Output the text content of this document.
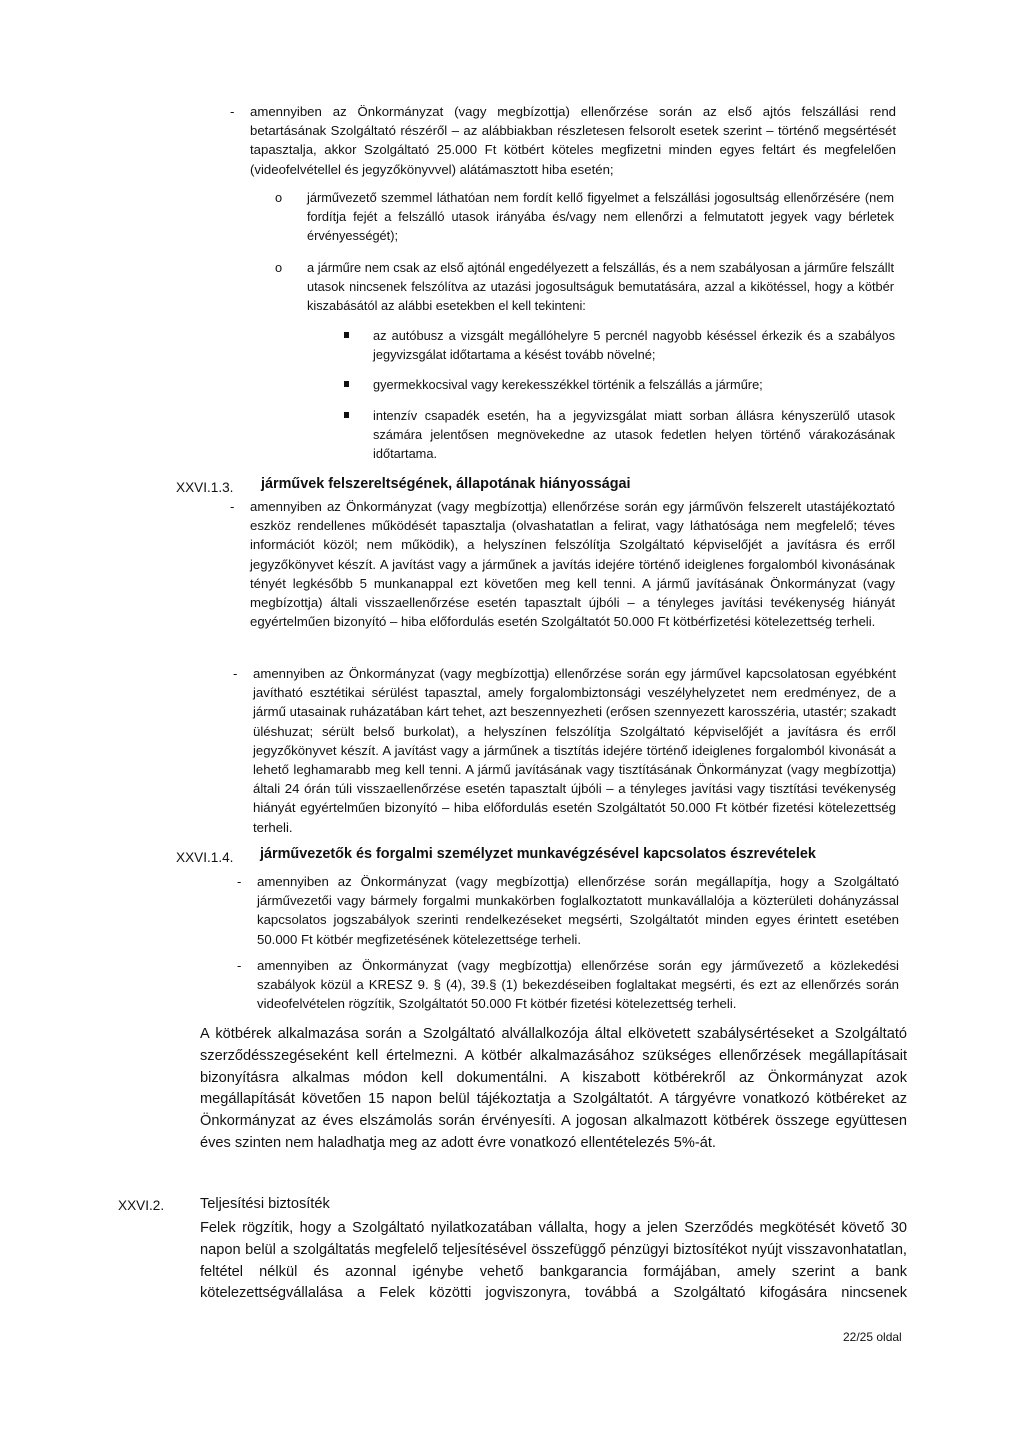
- amennyiben az Önkormányzat (vagy megbízottja) ellenőrzése során az első ajtós felszállási rend betartásának Szolgáltató részéről – az alábbiakban részletesen felsorolt esetek szerint – történő megsértését tapasztalja, akkor Szolgáltató 25.000 Ft kötbért köteles megfizetni minden egyes feltárt és megfelelően (videofelvétellel és jegyzőkönyvvel) alátámasztott hiba esetén;
o járművezető szemmel láthatóan nem fordít kellő figyelmet a felszállási jogosultság ellenőrzésére (nem fordítja fejét a felszálló utasok irányába és/vagy nem ellenőrzi a felmutatott jegyek vagy bérletek érvényességét);
o a járműre nem csak az első ajtónál engedélyezett a felszállás, és a nem szabályosan a járműre felszállt utasok nincsenek felszólítva az utazási jogosultságuk bemutatására, azzal a kikötéssel, hogy a kötbér kiszabásától az alábbi esetekben el kell tekinteni:
az autóbusz a vizsgált megállóhelyre 5 percnél nagyobb késéssel érkezik és a szabályos jegyvizsgálat időtartama a késést tovább növelné;
gyermekkocsival vagy kerekesszékkel történik a felszállás a járműre;
intenzív csapadék esetén, ha a jegyvizsgálat miatt sorban állásra kényszerülő utasok számára jelentősen megnövekedne az utasok fedetlen helyen történő várakozásának időtartama.
XXVI.1.3. járművek felszereltségének, állapotának hiányosságai
- amennyiben az Önkormányzat (vagy megbízottja) ellenőrzése során egy járművön felszerelt utastájékoztató eszköz rendellenes működését tapasztalja (olvashatatlan a felirat, vagy láthatósága nem megfelelő; téves információt közöl; nem működik), a helyszínen felszólítja Szolgáltató képviselőjét a javításra és erről jegyzőkönyvet készít. A javítást vagy a járműnek a javítás idejére történő ideiglenes forgalomból kivonásának tényét legkésőbb 5 munkanappal ezt követően meg kell tenni. A jármű javításának Önkormányzat (vagy megbízottja) általi visszaellenőrzése esetén tapasztalt újbóli – a tényleges javítási tevékenység hiányát egyértelműen bizonyító – hiba előfordulás esetén Szolgáltatót 50.000 Ft kötbérfizetési kötelezettség terheli.
- amennyiben az Önkormányzat (vagy megbízottja) ellenőrzése során egy járművel kapcsolatosan egyébként javítható esztétikai sérülést tapasztal, amely forgalombiztonsági veszélyhelyzetet nem eredményez, de a jármű utasainak ruházatában kárt tehet, azt beszennyezheti (erősen szennyezett karosszéria, utastér; szakadt üléshuzat; sérült belső burkolat), a helyszínen felszólítja Szolgáltató képviselőjét a javításra és erről jegyzőkönyvet készít. A javítást vagy a járműnek a tisztítás idejére történő ideiglenes forgalomból kivonását a lehető leghamarabb meg kell tenni. A jármű javításának vagy tisztításának Önkormányzat (vagy megbízottja) általi 24 órán túli visszaellenőrzése esetén tapasztalt újbóli – a tényleges javítási vagy tisztítási tevékenység hiányát egyértelműen bizonyító – hiba előfordulás esetén Szolgáltatót 50.000 Ft kötbér fizetési kötelezettség terheli.
XXVI.1.4. járművezetők és forgalmi személyzet munkavégzésével kapcsolatos észrevételek
- amennyiben az Önkormányzat (vagy megbízottja) ellenőrzése során megállapítja, hogy a Szolgáltató járművezetői vagy bármely forgalmi munkakörben foglalkoztatott munkavállalója a közterületi dohányzással kapcsolatos jogszabályok szerinti rendelkezéseket megsérti, Szolgáltatót minden egyes érintett esetében 50.000 Ft kötbér megfizetésének kötelezettsége terheli.
- amennyiben az Önkormányzat (vagy megbízottja) ellenőrzése során egy járművezető a közlekedési szabályok közül a KRESZ 9. § (4), 39.§ (1) bekezdéseiben foglaltakat megsérti, és ezt az ellenőrzés során videofelvételen rögzítik, Szolgáltatót 50.000 Ft kötbér fizetési kötelezettség terheli.
A kötbérek alkalmazása során a Szolgáltató alvállalkozója által elkövetett szabálysértéseket a Szolgáltató szerződésszegéseként kell értelmezni. A kötbér alkalmazásához szükséges ellenőrzések megállapításait bizonyításra alkalmas módon kell dokumentálni. A kiszabott kötbérekről az Önkormányzat azok megállapítását követően 15 napon belül tájékoztatja a Szolgáltatót. A tárgyévre vonatkozó kötbéreket az Önkormányzat az éves elszámolás során érvényesíti. A jogosan alkalmazott kötbérek összege együttesen éves szinten nem haladhatja meg az adott évre vonatkozó ellentételezés 5%-át.
XXVI.2. Teljesítési biztosíték
Felek rögzítik, hogy a Szolgáltató nyilatkozatában vállalta, hogy a jelen Szerződés megkötését követő 30 napon belül a szolgáltatás megfelelő teljesítésével összefüggő pénzügyi biztosítékot nyújt visszavonhatatlan, feltétel nélkül és azonnal igénybe vehető bankgarancia formájában, amely szerint a bank kötelezettségvállalása a Felek közötti jogviszonyra, továbbá a Szolgáltató kifogására nincsenek
22/25 oldal
